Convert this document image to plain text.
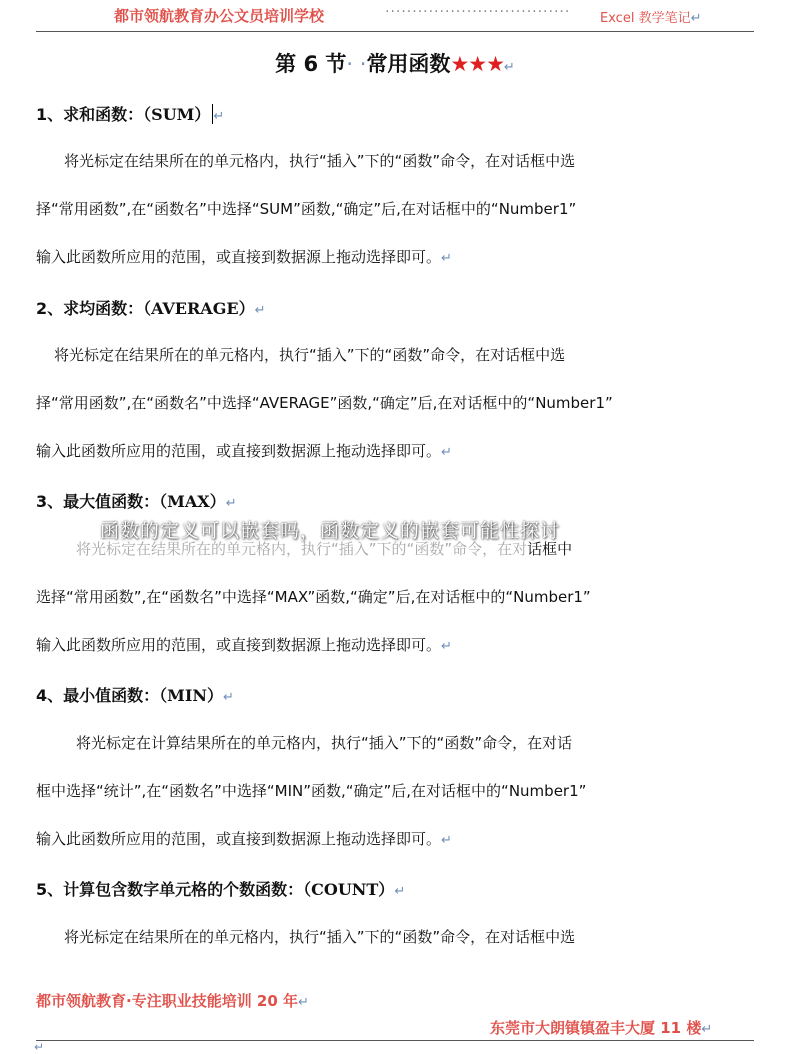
都市领航教育办公文员培训学校	··································	Excel 教学笔记↵
第 6 节· ·常用函数★★★↵
1、求和函数：（SUM） ↵
将光标定在结果所在的单元格内，执行“插入”下的“函数”命令，在对话框中选
择“常用函数”,在“函数名”中选择“SUM”函数,“确定”后,在对话框中的“Number1”
输入此函数所应用的范围，或直接到数据源上拖动选择即可。↵
2、求均函数：（AVERAGE）↵
将光标定在结果所在的单元格内，执行“插入”下的“函数”命令，在对话框中选
择“常用函数”,在“函数名”中选择“AVERAGE”函数,“确定”后,在对话框中的“Number1”
输入此函数所应用的范围，或直接到数据源上拖动选择即可。↵
3、最大值函数：（MAX）↵
将光标定在结果所在的单元格内，执行“插入”下的“函数”命令，在对话框中
选择“常用函数”,在“函数名”中选择“MAX”函数,“确定”后,在对话框中的“Number1”
输入此函数所应用的范围，或直接到数据源上拖动选择即可。↵
函数的定义可以嵌套吗，函数定义的嵌套可能性探讨
4、最小值函数：（MIN）↵
将光标定在计算结果所在的单元格内，执行“插入”下的“函数”命令，在对话
框中选择“统计”,在“函数名”中选择“MIN”函数,“确定”后,在对话框中的“Number1”
输入此函数所应用的范围，或直接到数据源上拖动选择即可。↵
5、计算包含数字单元格的个数函数：（COUNT）↵
将光标定在结果所在的单元格内，执行“插入”下的“函数”命令，在对话框中选
都市领航教育·专注职业技能培训 20 年↵
东莞市大朗镇镇盈丰大厦 11 楼↵
↵
